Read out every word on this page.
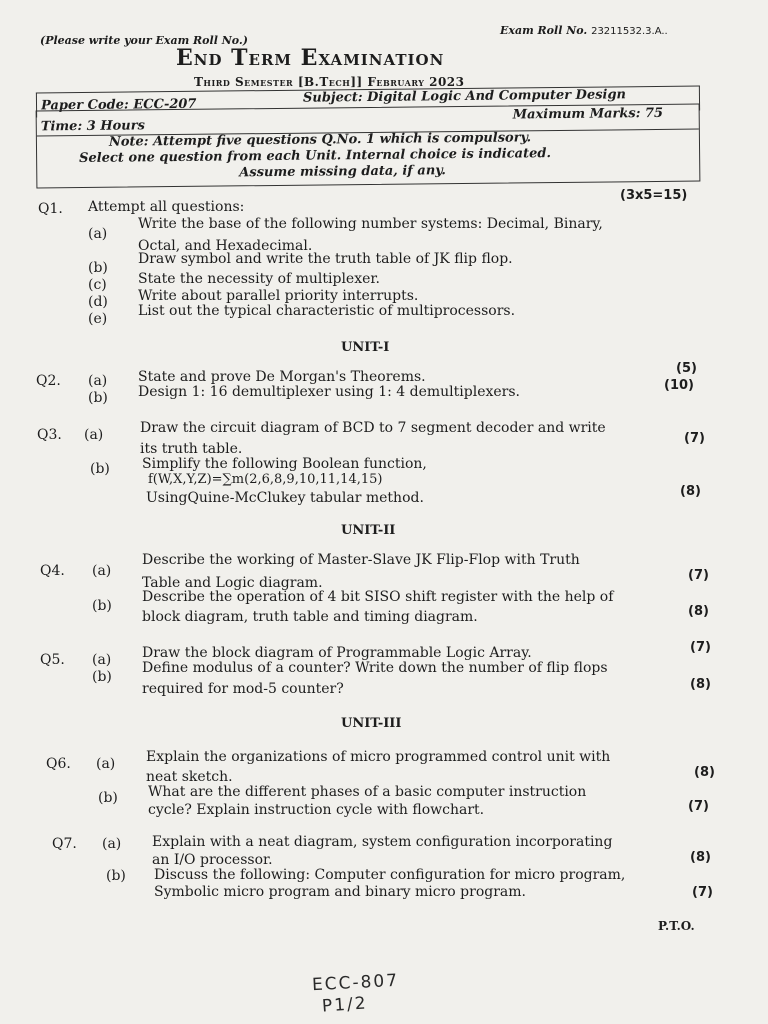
(Please write your Exam Roll No.)
Exam Roll No. 23211532.3.A..
End Term Examination
Third Semester [B.Tech]] February 2023
Paper Code: ECC-207	Subject: Digital Logic And Computer Design
Time: 3 Hours
Maximum Marks: 75
Note: Attempt five questions Q.No. 1 which is compulsory.
Select one question from each Unit. Internal choice is indicated.
Assume missing data, if any.
Q1. Attempt all questions:
(3x5=15)
(a)
Write the base of the following number systems: Decimal, Binary,
Octal, and Hexadecimal.
(b)
Draw symbol and write the truth table of JK flip flop.
(c) State the necessity of multiplexer.
(d) Write about parallel priority interrupts.
(e) List out the typical characteristic of multiprocessors.
UNIT-I
Q2. (a) State and prove De Morgan's Theorems.
(5)
(b) Design 1: 16 demultiplexer using 1: 4 demultiplexers.	(10)
Q3. (a)	Draw the circuit diagram of BCD to 7 segment decoder and write
its truth table.
(7)
(b) Simplify the following Boolean function,
f(W,X,Y,Z)=∑m(2,6,8,9,10,11,14,15)
UsingQuine-McClukey tabular method.	(8)
UNIT-II
Q4. (a)
Describe the working of Master-Slave JK Flip-Flop with Truth
Table and Logic diagram.	(7)
(b)
Describe the operation of 4 bit SISO shift register with the help of
block diagram, truth table and timing diagram.	(8)
Q5. (a) Draw the block diagram of Programmable Logic Array.	(7)
(b)
Define modulus of a counter? Write down the number of flip flops
required for mod-5 counter?	(8)
UNIT-III
Q6. (a) Explain the organizations of micro programmed control unit with
neat sketch.	(8)
(b) What are the different phases of a basic computer instruction
cycle? Explain instruction cycle with flowchart.	(7)
Q7. (a) Explain with a neat diagram, system configuration incorporating
an I/O processor.	(8)
(b) Discuss the following: Computer configuration for micro program,
Symbolic micro program and binary micro program.	(7)
P.T.O.
ECC-807
P1/2
